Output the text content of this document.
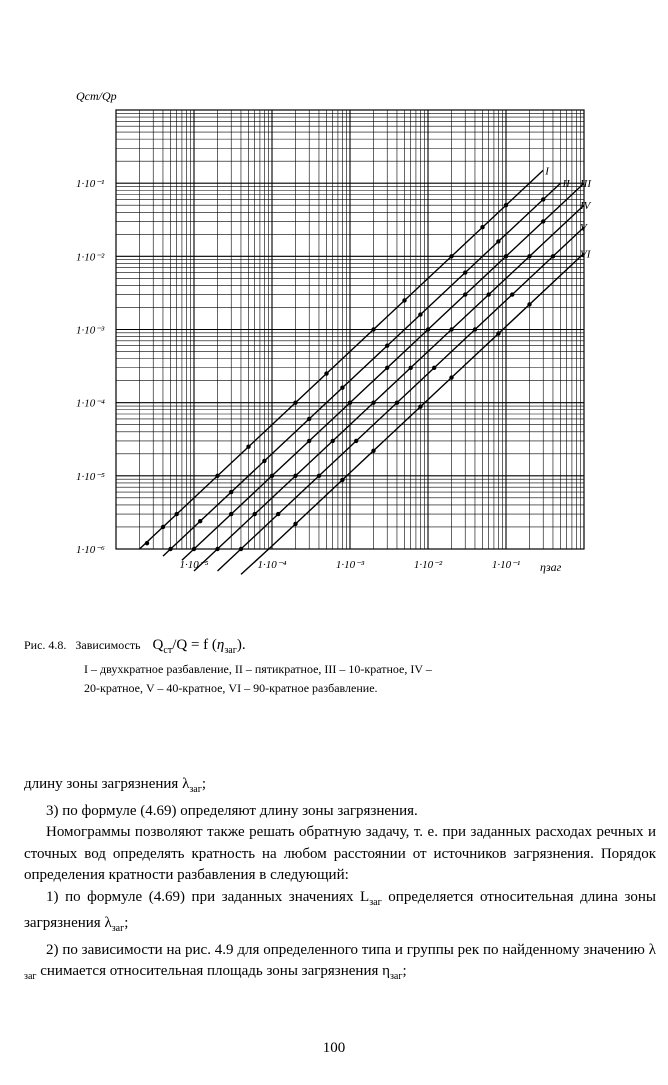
I
II III
IV
V
VI
1·10⁻⁶
1·10⁻⁵
1·10⁻⁴
1·10⁻³
1·10⁻²
1·10⁻¹
1·10⁻⁵	1·10⁻⁴	1·10⁻³	1·10⁻²	1·10⁻¹
Qст/Qр
ηзаг
Рис. 4.8. Зависимость $Q_{ст}/Q = f$ $(\eta_{заг})$.
I – двухкратное разбавление, II – пятикратное, III – 10-кратное, IV –
20-кратное, V – 40-кратное, VI – 90-кратное разбавление.

длину зоны загрязнения $\lambda_{заг}$;

3) по формуле (4.69) определяют длину зоны загрязнения.

Номограммы позволяют также решать обратную задачу, т. е. при заданных расходах речных и сточных вод определять кратность на любом расстоянии от источников загрязнения. Порядок определения кратности разбавления в следующий:

1) по формуле (4.69) при заданных значениях $L_{заг}$ определяется относительная длина зоны загрязнения $\lambda_{заг}$;

2) по зависимости на рис. 4.9 для определенного типа и группы рек по найденному значению λ $_{заг}$ снимается относительная площадь зоны загрязнения $\eta_{заг}$;

100
